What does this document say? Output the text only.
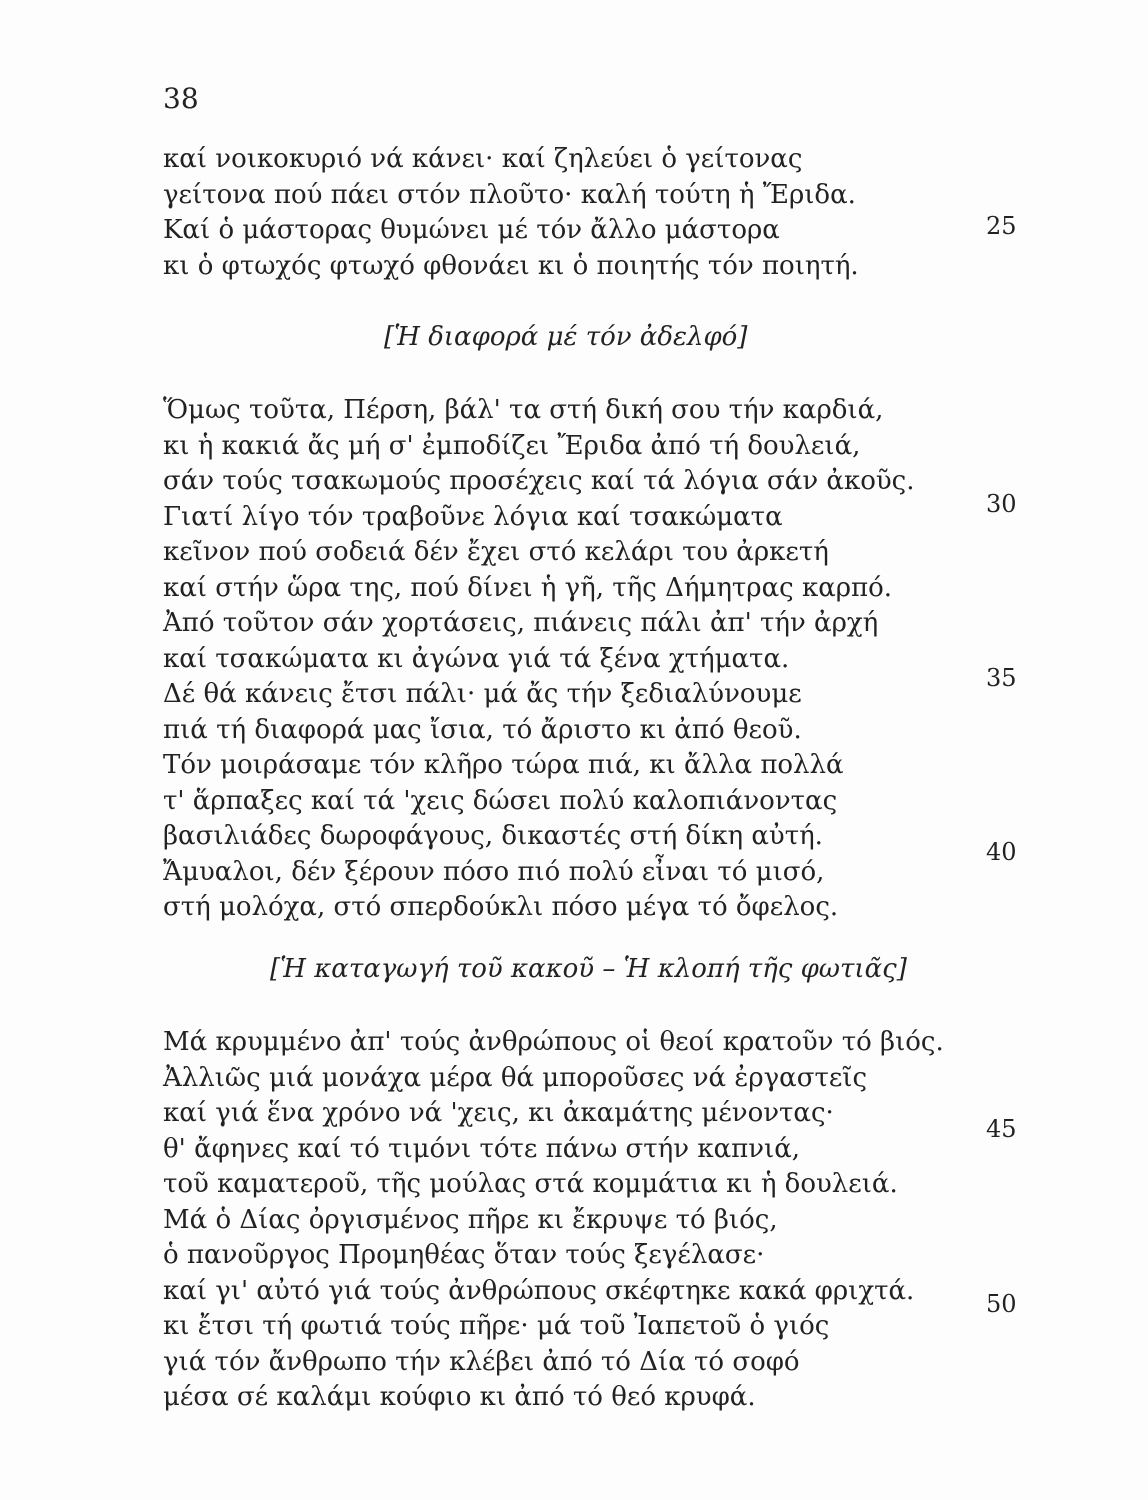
38
καί νοικοκυριό νά κάνει· καί ζηλεύει ὁ γείτονας
γείτονα πού πάει στόν πλοῦτο· καλή τούτη ἡ Ἔριδα.
Καί ὁ μάστορας θυμώνει μέ τόν ἄλλο μάστορα
κι ὁ φτωχός φτωχό φθονάει κι ὁ ποιητής τόν ποιητή.
[Ἡ διαφορά μέ τόν ἀδελφό]
Ὅμως τοῦτα, Πέρση, βάλ' τα στή δική σου τήν καρδιά,
κι ἡ κακιά ἄς μή σ' ἐμποδίζει Ἔριδα ἀπό τή δουλειά,
σάν τούς τσακωμούς προσέχεις καί τά λόγια σάν ἀκοῦς.
Γιατί λίγο τόν τραβοῦνε λόγια καί τσακώματα
κεῖνον πού σοδειά δέν ἔχει στό κελάρι του ἀρκετή
καί στήν ὥρα της, πού δίνει ἡ γῆ, τῆς Δήμητρας καρπό.
Ἀπό τοῦτον σάν χορτάσεις, πιάνεις πάλι ἀπ' τήν ἀρχή
καί τσακώματα κι ἀγώνα γιά τά ξένα χτήματα.
Δέ θά κάνεις ἔτσι πάλι· μά ἄς τήν ξεδιαλύνουμε
πιά τή διαφορά μας ἴσια, τό ἄριστο κι ἀπό θεοῦ.
Τόν μοιράσαμε τόν κλῆρο τώρα πιά, κι ἄλλα πολλά
τ' ἅρπαξες καί τά 'χεις δώσει πολύ καλοπιάνοντας
βασιλιάδες δωροφάγους, δικαστές στή δίκη αὐτή.
Ἄμυαλοι, δέν ξέρουν πόσο πιό πολύ εἶναι τό μισό,
στή μολόχα, στό σπερδούκλι πόσο μέγα τό ὄφελος.
[Ἡ καταγωγή τοῦ κακοῦ – Ἡ κλοπή τῆς φωτιᾶς]
Μά κρυμμένο ἀπ' τούς ἀνθρώπους οἱ θεοί κρατοῦν τό βιός.
Ἀλλιῶς μιά μονάχα μέρα θά μποροῦσες νά ἐργαστεῖς
καί γιά ἕνα χρόνο νά 'χεις, κι ἀκαμάτης μένοντας·
θ' ἄφηνες καί τό τιμόνι τότε πάνω στήν καπνιά,
τοῦ καματεροῦ, τῆς μούλας στά κομμάτια κι ἡ δουλειά.
Μά ὁ Δίας ὀργισμένος πῆρε κι ἔκρυψε τό βιός,
ὁ πανοῦργος Προμηθέας ὅταν τούς ξεγέλασε·
καί γι' αὐτό γιά τούς ἀνθρώπους σκέφτηκε κακά φριχτά.
κι ἔτσι τή φωτιά τούς πῆρε· μά τοῦ Ἰαπετοῦ ὁ γιός
γιά τόν ἄνθρωπο τήν κλέβει ἀπό τό Δία τό σοφό
μέσα σέ καλάμι κούφιο κι ἀπό τό θεό κρυφά.
25
30
35
40
45
50
